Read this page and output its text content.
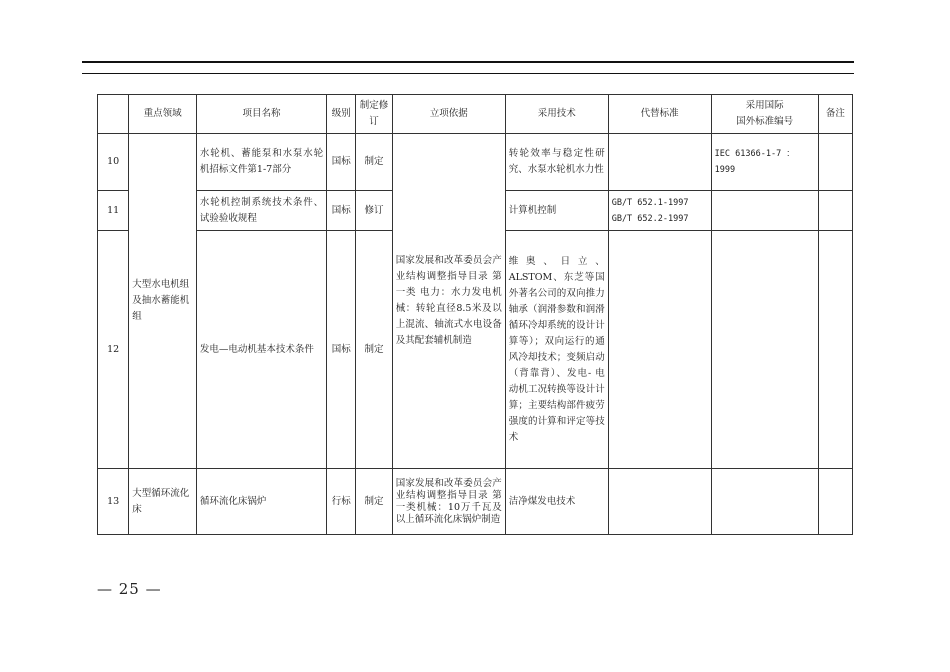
	重点领域	项目名称	级别	制定修订	立项依据	采用技术	代替标准	采用国际
国外标准编号	备注
10	大型水电机组及抽水蓄能机组	水轮机、蓄能泵和水泵水轮机招标文件第1-7部分	国标	制定	国家发展和改革委员会产业结构调整指导目录 第一类 电力：水力发电机械：转轮直径8.5米及以上混流、轴流式水电设备及其配套辅机制造	转轮效率与稳定性研究、水泵水轮机水力性		IEC 61366-1-7 ：1999	
11		水轮机控制系统技术条件、试验验收规程	国标	修订		计算机控制	GB/T 652.1-1997
GB/T 652.2-1997		

12		发电—电动机基本技术条件	国标	制定		维奥、日立、ALSTOM、东芝等国外著名公司的双向推力轴承（润滑参数和润滑循环冷却系统的设计计算等）；双向运行的通风冷却技术；变频启动（背靠背）、发电- 电动机工况转换等设计计算；主要结构部件疲劳强度的计算和评定等技术			
13	大型循环流化床	循环流化床锅炉	行标	制定	国家发展和改革委员会产业结构调整指导目录 第一类机械：10万千瓦及以上循环流化床锅炉制造	洁净煤发电技术			
— 25 —
